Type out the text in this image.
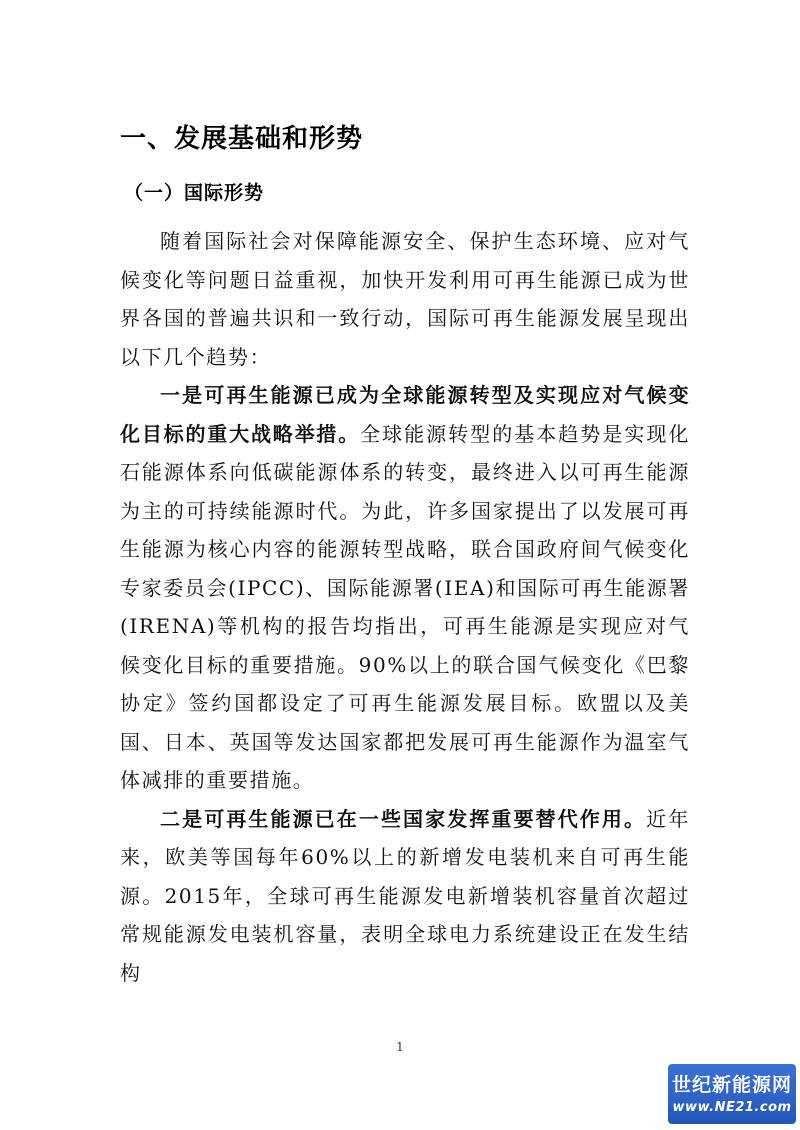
一、发展基础和形势
（一）国际形势

随着国际社会对保障能源安全、保护生态环境、应对气候变化等问题日益重视，加快开发利用可再生能源已成为世界各国的普遍共识和一致行动，国际可再生能源发展呈现出以下几个趋势：

一是可再生能源已成为全球能源转型及实现应对气候变化目标的重大战略举措。全球能源转型的基本趋势是实现化石能源体系向低碳能源体系的转变，最终进入以可再生能源为主的可持续能源时代。为此，许多国家提出了以发展可再生能源为核心内容的能源转型战略，联合国政府间气候变化专家委员会(IPCC)、国际能源署(IEA)和国际可再生能源署(IRENA)等机构的报告均指出，可再生能源是实现应对气候变化目标的重要措施。90%以上的联合国气候变化《巴黎协定》签约国都设定了可再生能源发展目标。欧盟以及美国、日本、英国等发达国家都把发展可再生能源作为温室气体减排的重要措施。

二是可再生能源已在一些国家发挥重要替代作用。近年来，欧美等国每年60%以上的新增发电装机来自可再生能源。2015年，全球可再生能源发电新增装机容量首次超过常规能源发电装机容量，表明全球电力系统建设正在发生结构

1
世纪新能源网
www.NE21.com
